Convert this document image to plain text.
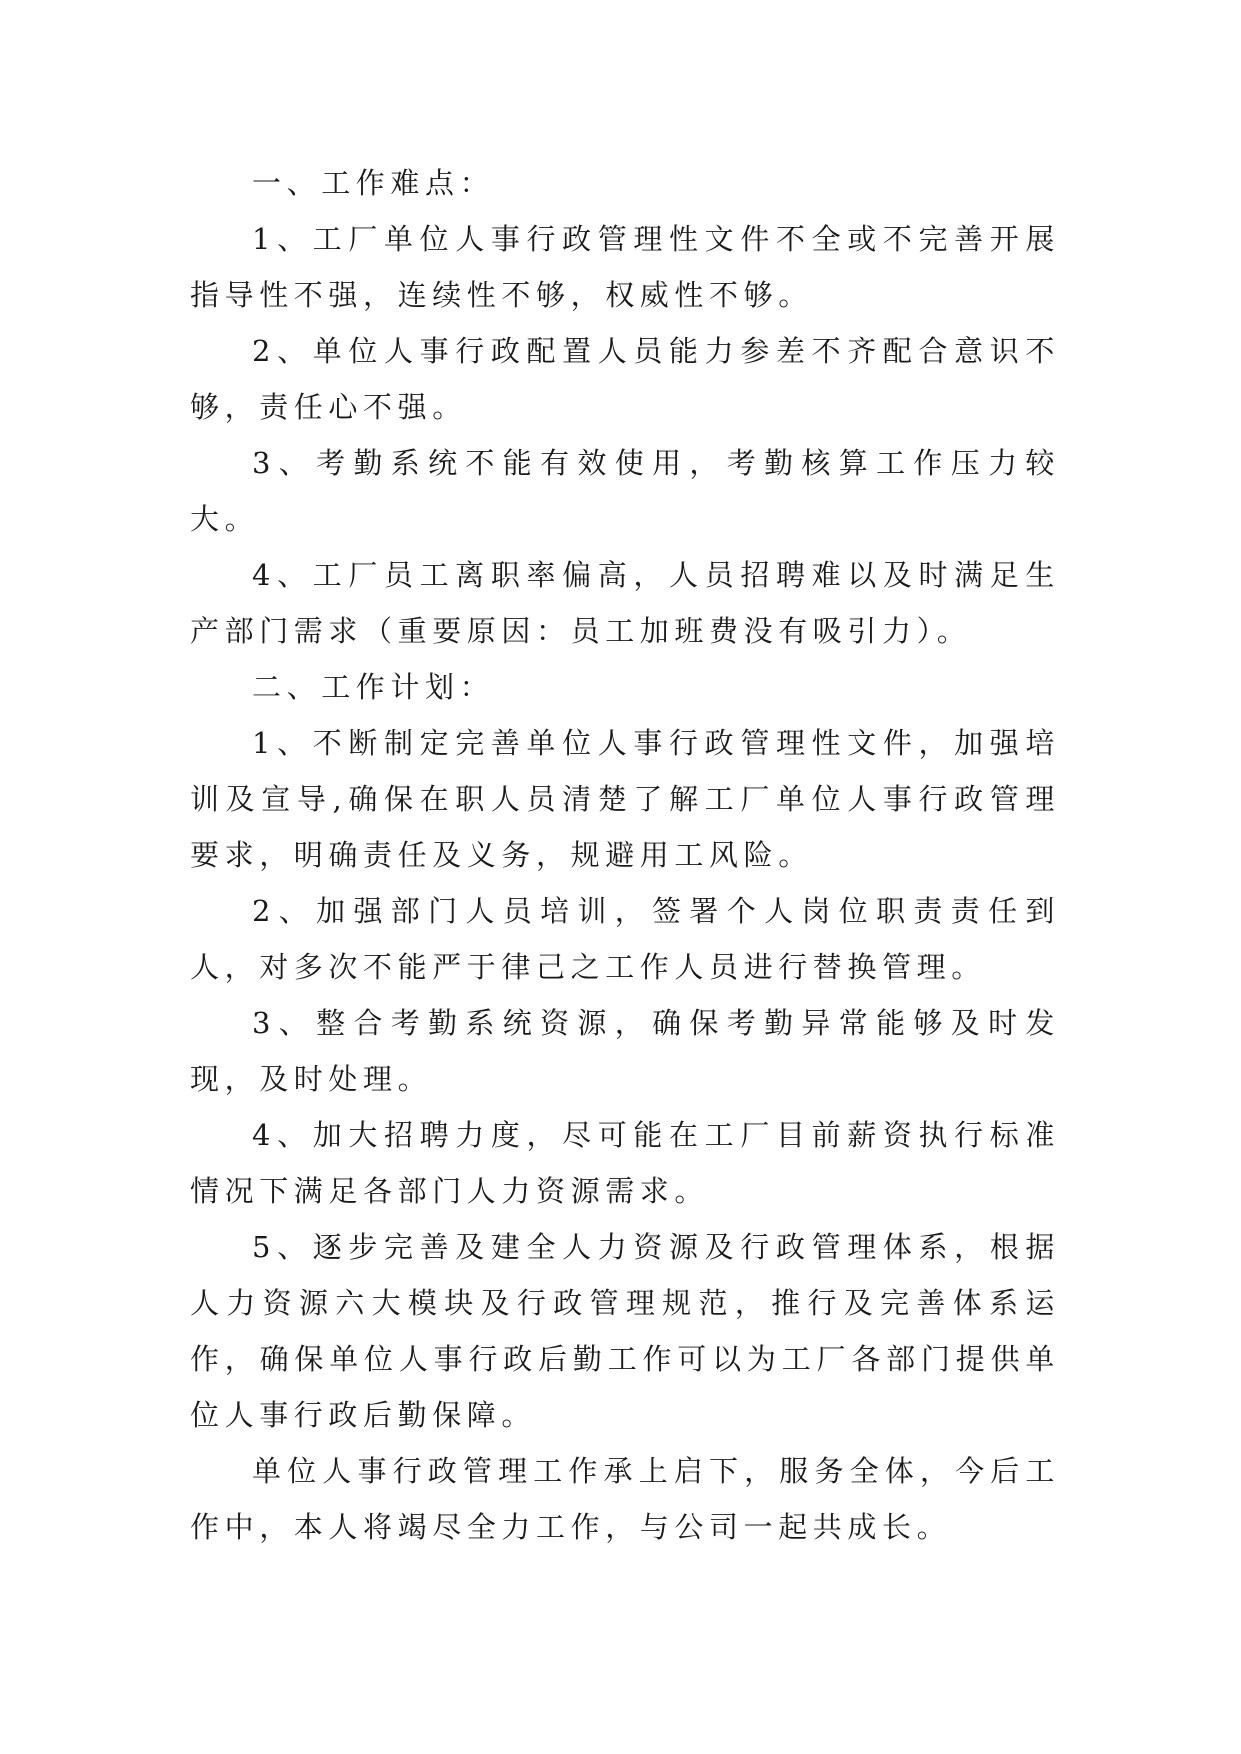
一、工作难点：

1、工厂单位人事行政管理性文件不全或不完善开展指导性不强，连续性不够，权威性不够。

2、单位人事行政配置人员能力参差不齐配合意识不够，责任心不强。

3、考勤系统不能有效使用，考勤核算工作压力较大。

4、工厂员工离职率偏高，人员招聘难以及时满足生产部门需求（重要原因：员工加班费没有吸引力）。

二、工作计划：

1、不断制定完善单位人事行政管理性文件，加强培训及宣导,确保在职人员清楚了解工厂单位人事行政管理要求，明确责任及义务，规避用工风险。

2、加强部门人员培训，签署个人岗位职责责任到人，对多次不能严于律己之工作人员进行替换管理。

3、整合考勤系统资源，确保考勤异常能够及时发现，及时处理。

4、加大招聘力度，尽可能在工厂目前薪资执行标准情况下满足各部门人力资源需求。

5、逐步完善及建全人力资源及行政管理体系，根据人力资源六大模块及行政管理规范，推行及完善体系运作，确保单位人事行政后勤工作可以为工厂各部门提供单位人事行政后勤保障。

单位人事行政管理工作承上启下，服务全体，今后工作中，本人将竭尽全力工作，与公司一起共成长。
